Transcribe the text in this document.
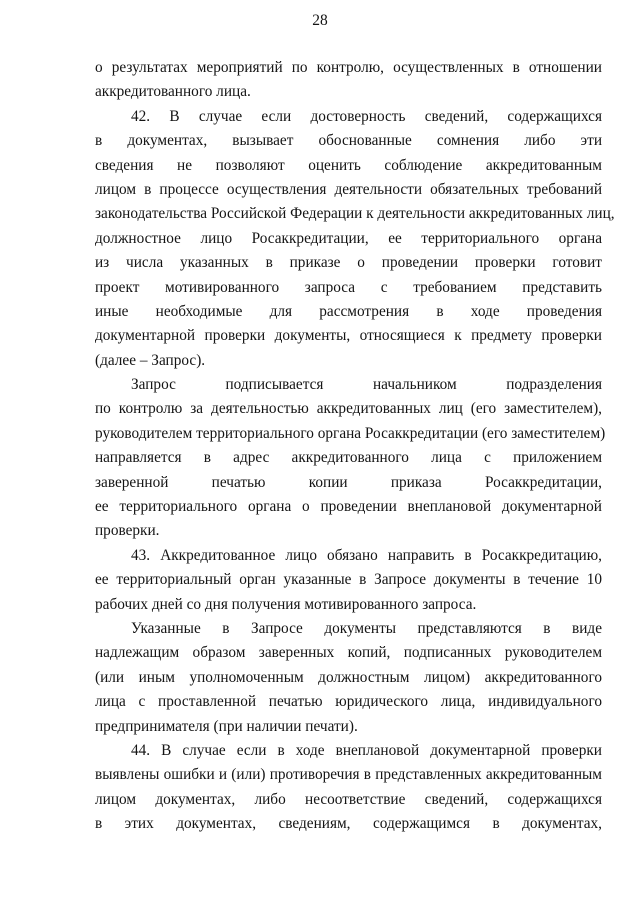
28
о результатах мероприятий по контролю, осуществленных в отношении
аккредитованного лица.
42. В случае если достоверность сведений, содержащихся
в документах, вызывает обоснованные сомнения либо эти
сведения не позволяют оценить соблюдение аккредитованным
лицом в процессе осуществления деятельности обязательных требований
законодательства Российской Федерации к деятельности аккредитованных лиц,
должностное лицо Росаккредитации, ее территориального органа
из числа указанных в приказе о проведении проверки готовит
проект мотивированного запроса с требованием представить
иные необходимые для рассмотрения в ходе проведения
документарной проверки документы, относящиеся к предмету проверки
(далее – Запрос).
Запрос подписывается начальником подразделения
по контролю за деятельностью аккредитованных лиц (его заместителем),
руководителем территориального органа Росаккредитации (его заместителем)
направляется в адрес аккредитованного лица с приложением
заверенной печатью копии приказа Росаккредитации,
ее территориального органа о проведении внеплановой документарной
проверки.
43. Аккредитованное лицо обязано направить в Росаккредитацию,
ее территориальный орган указанные в Запросе документы в течение 10
рабочих дней со дня получения мотивированного запроса.
Указанные в Запросе документы представляются в виде
надлежащим образом заверенных копий, подписанных руководителем
(или иным уполномоченным должностным лицом) аккредитованного
лица с проставленной печатью юридического лица, индивидуального
предпринимателя (при наличии печати).
44. В случае если в ходе внеплановой документарной проверки
выявлены ошибки и (или) противоречия в представленных аккредитованным
лицом документах, либо несоответствие сведений, содержащихся
в этих документах, сведениям, содержащимся в документах,
